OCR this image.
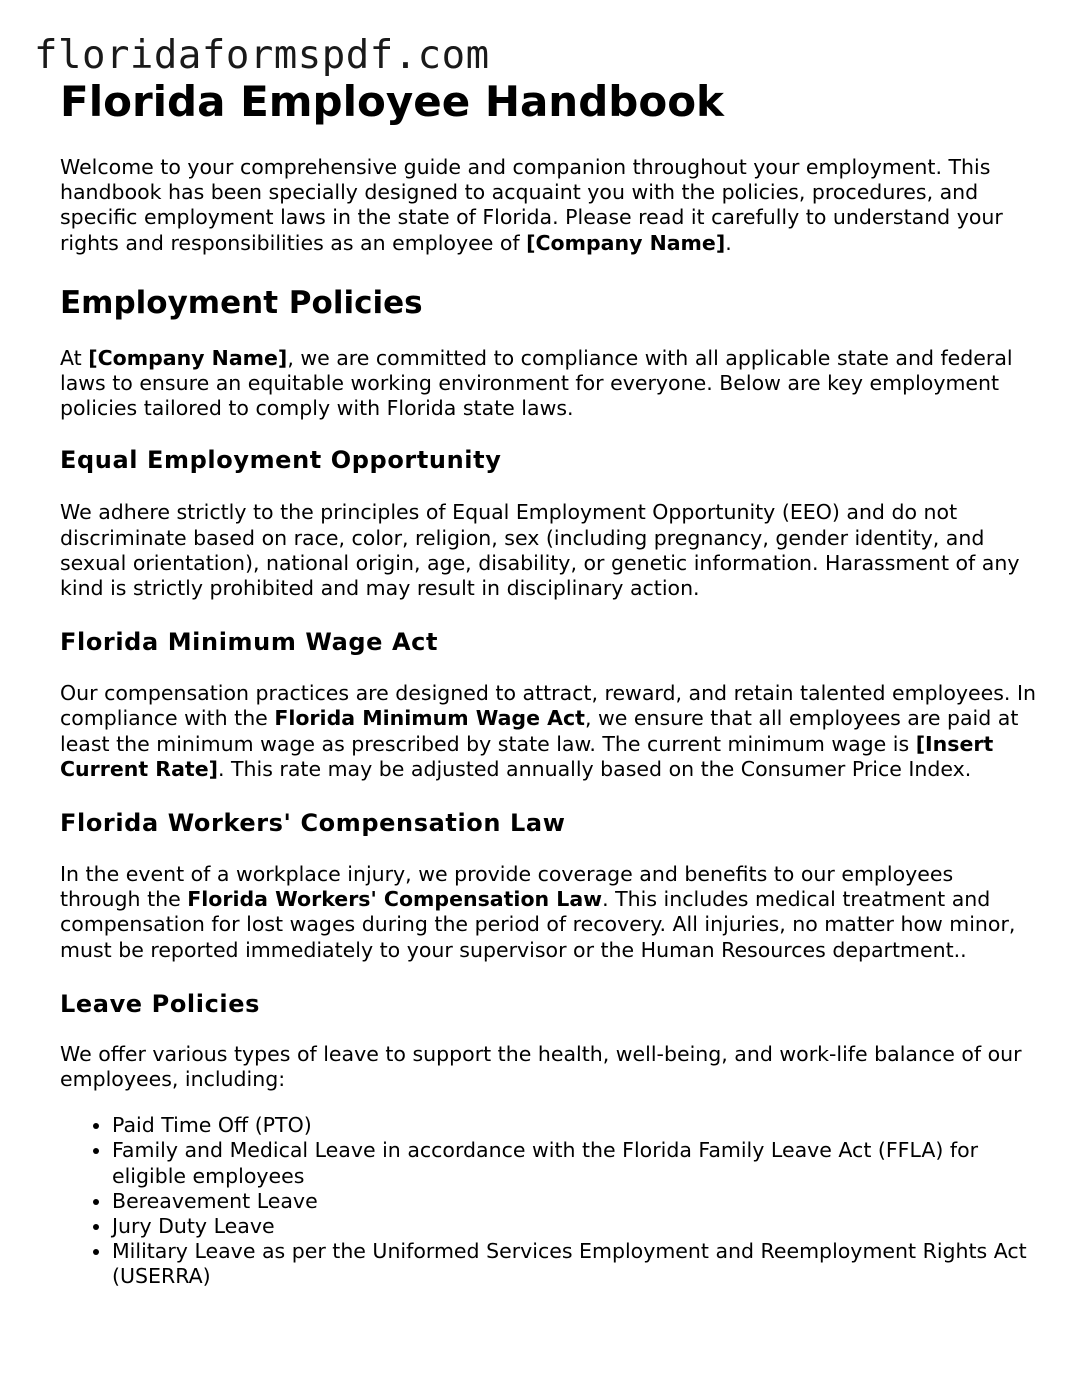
floridaformspdf.com
Florida Employee Handbook

Welcome to your comprehensive guide and companion throughout your employment. This handbook has been specially designed to acquaint you with the policies, procedures, and specific employment laws in the state of Florida. Please read it carefully to understand your rights and responsibilities as an employee of [Company Name].

Employment Policies

At [Company Name], we are committed to compliance with all applicable state and federal laws to ensure an equitable working environment for everyone. Below are key employment policies tailored to comply with Florida state laws.

Equal Employment Opportunity

We adhere strictly to the principles of Equal Employment Opportunity (EEO) and do not discriminate based on race, color, religion, sex (including pregnancy, gender identity, and sexual orientation), national origin, age, disability, or genetic information. Harassment of any kind is strictly prohibited and may result in disciplinary action.

Florida Minimum Wage Act

Our compensation practices are designed to attract, reward, and retain talented employees. In compliance with the Florida Minimum Wage Act, we ensure that all employees are paid at least the minimum wage as prescribed by state law. The current minimum wage is [Insert Current Rate]. This rate may be adjusted annually based on the Consumer Price Index.

Florida Workers' Compensation Law

In the event of a workplace injury, we provide coverage and benefits to our employees through the Florida Workers' Compensation Law. This includes medical treatment and compensation for lost wages during the period of recovery. All injuries, no matter how minor, must be reported immediately to your supervisor or the Human Resources department..

Leave Policies

We offer various types of leave to support the health, well-being, and work-life balance of our employees, including:

• Paid Time Off (PTO)
• Family and Medical Leave in accordance with the Florida Family Leave Act (FFLA) for eligible employees
• Bereavement Leave
• Jury Duty Leave
• Military Leave as per the Uniformed Services Employment and Reemployment Rights Act (USERRA)
